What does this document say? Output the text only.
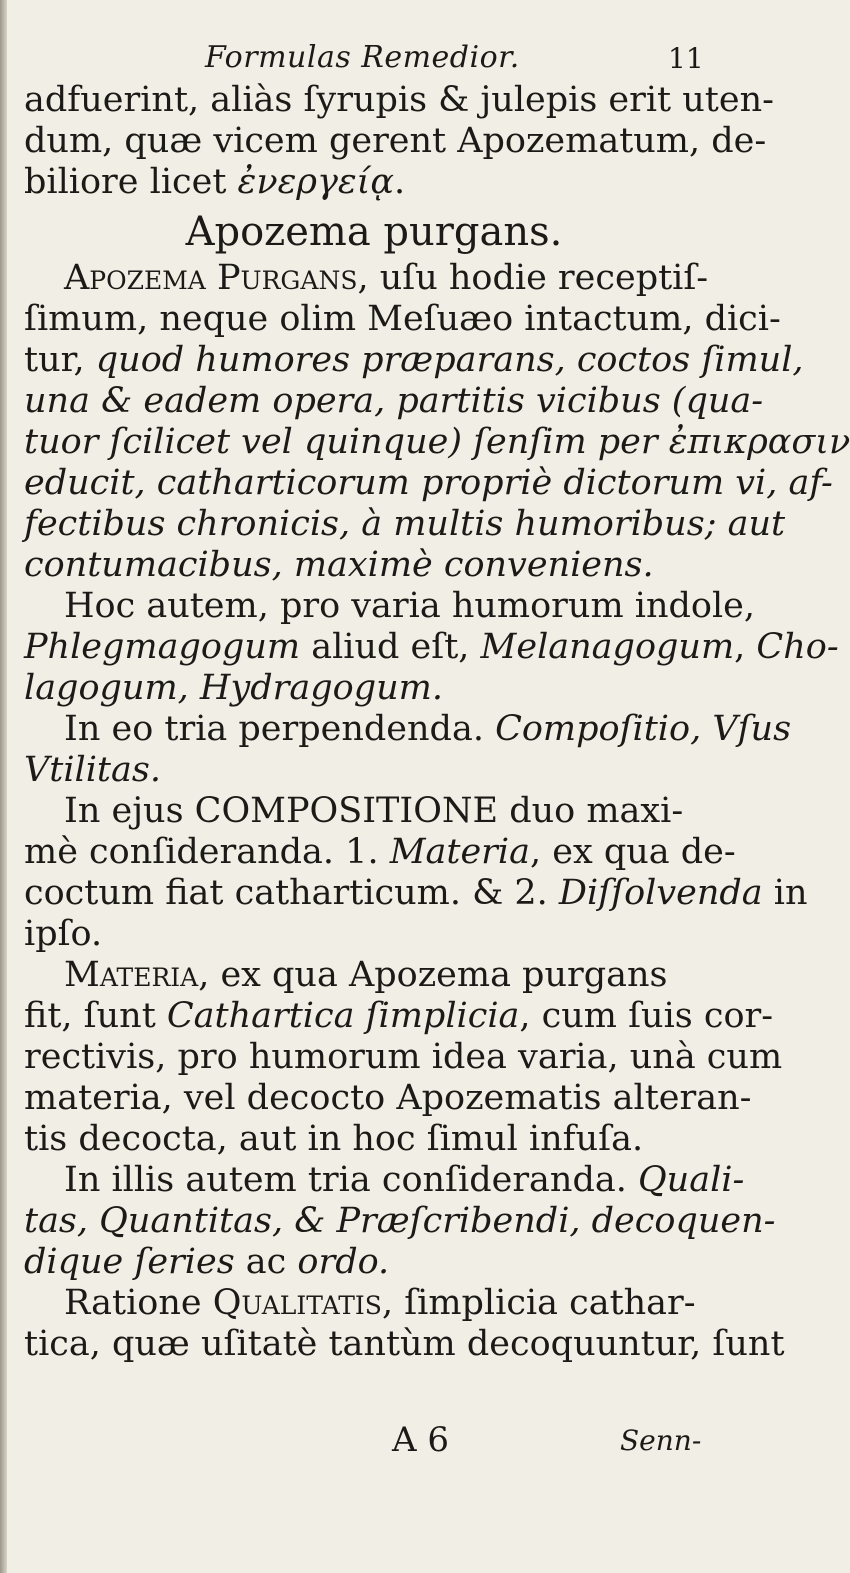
Formulas Remedior.	11
adfuerint, aliàs ſyrupis & julepis erit uten-
dum, quæ vicem gerent Apozematum, de-
biliore licet ἐνεργείᾳ.
Apozema purgans.
Apozema Purgans, uſu hodie receptiſ-
ſimum, neque olim Meſuæo intactum, dici-
tur, quod humores præparans, coctos ſimul,
una & eadem opera, partitis vicibus (qua-
tuor ſcilicet vel quinque) ſenſim per ἐπικρασιν
educit, catharticorum propriè dictorum vi, af-
fectibus chronicis, à multis humoribus; aut
contumacibus, maximè conveniens.
Hoc autem, pro varia humorum indole,
Phlegmagogum aliud eſt, Melanagogum, Cho-
lagogum, Hydragogum.
In eo tria perpendenda. Compoſitio, Vſus
Vtilitas.
In ejus COMPOSITIONE duo maxi-
mè conſideranda. 1. Materia, ex qua de-
coctum fiat catharticum. & 2. Diſſolvenda in
ipſo.
Materia, ex qua Apozema purgans
fit, ſunt Cathartica ſimplicia, cum ſuis cor-
rectivis, pro humorum idea varia, unà cum
materia, vel decocto Apozematis alteran-
tis decocta, aut in hoc ſimul infuſa.
In illis autem tria conſideranda. Quali-
tas, Quantitas, & Præſcribendi, decoquen-
dique ſeries ac ordo.
Ratione Qualitatis, ſimplicia cathar-
tica, quæ uſitatè tantùm decoquuntur, ſunt
A 6	Senn-
